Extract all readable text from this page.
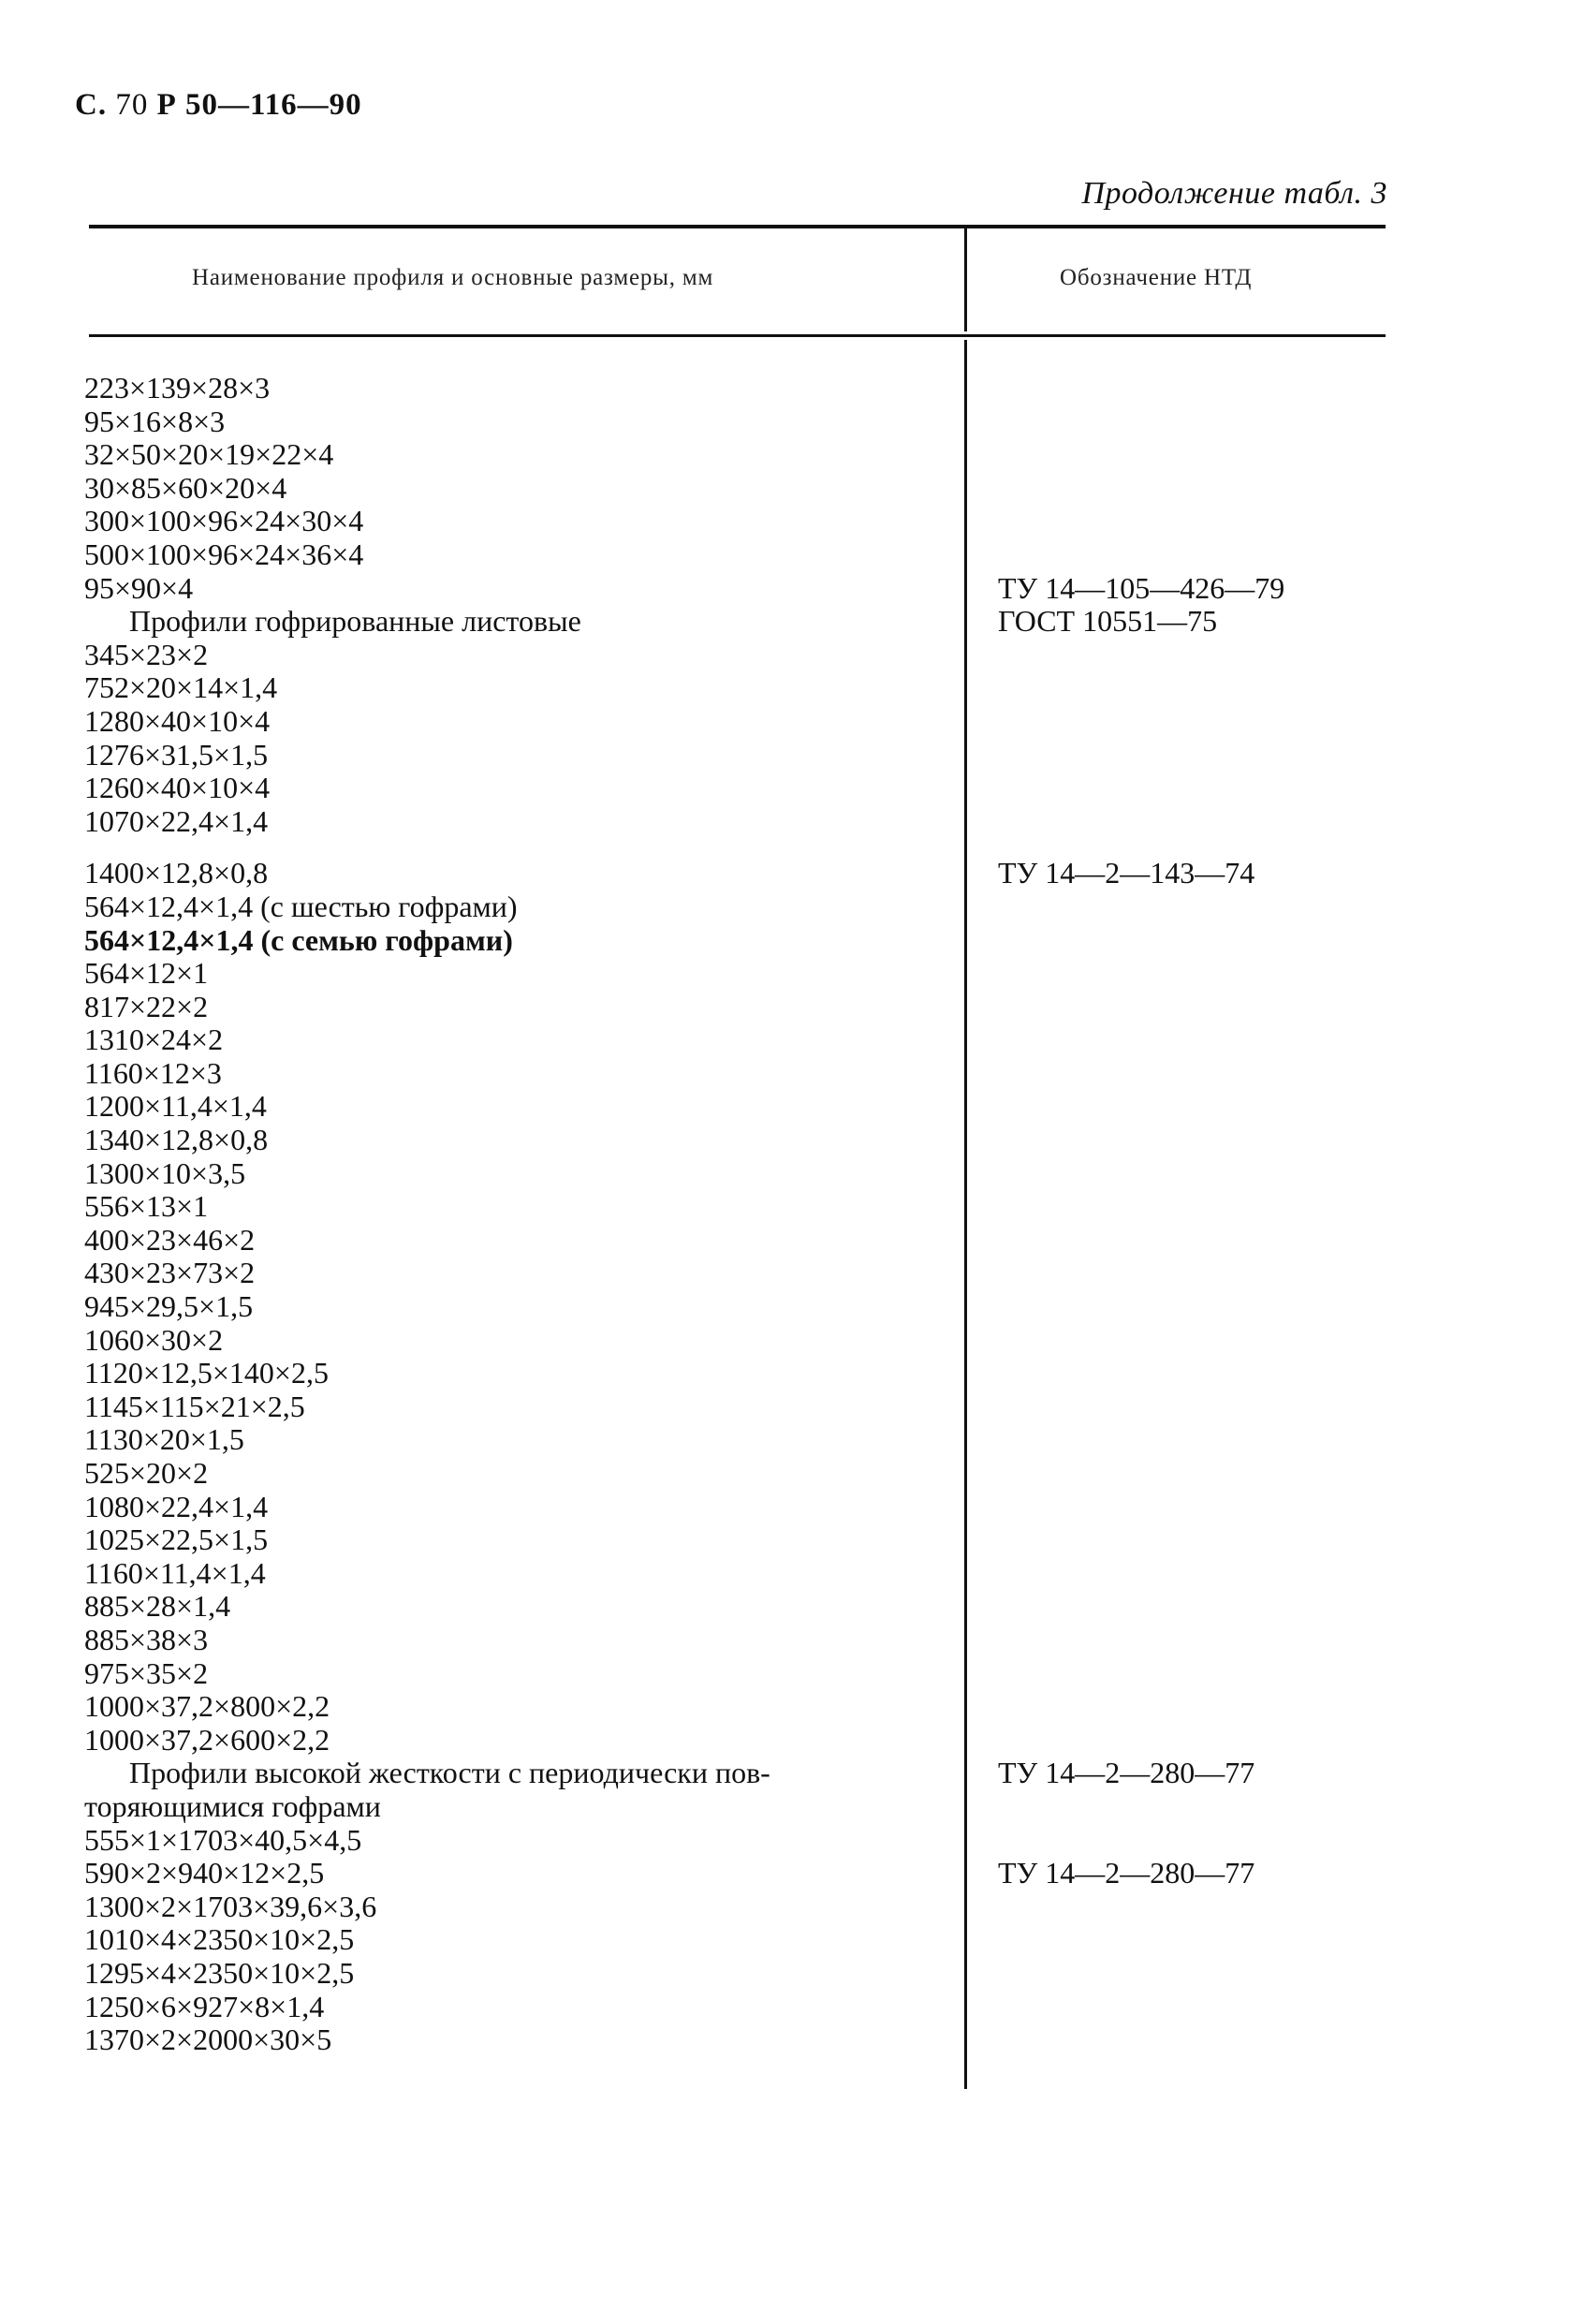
С. 70 Р 50—116—90
Продолжение табл. 3
Наименование профиля и основные размеры, мм	Обозначение НТД
223×139×28×3
95×16×8×3
32×50×20×19×22×4
30×85×60×20×4
300×100×96×24×30×4
500×100×96×24×36×4
95×90×4	ТУ 14—105—426—79
Профили гофрированные листовые	ГОСТ 10551—75
345×23×2
752×20×14×1,4
1280×40×10×4
1276×31,5×1,5
1260×40×10×4
1070×22,4×1,4
1400×12,8×0,8	ТУ 14—2—143—74
564×12,4×1,4 (с шестью гофрами)
564×12,4×1,4 (с семью гофрами)
564×12×1
817×22×2
1310×24×2
1160×12×3
1200×11,4×1,4
1340×12,8×0,8
1300×10×3,5
556×13×1
400×23×46×2
430×23×73×2
945×29,5×1,5
1060×30×2
1120×12,5×140×2,5
1145×115×21×2,5
1130×20×1,5
525×20×2
1080×22,4×1,4
1025×22,5×1,5
1160×11,4×1,4
885×28×1,4
885×38×3
975×35×2
1000×37,2×800×2,2
1000×37,2×600×2,2
Профили высокой жесткости с периодически пов-	ТУ 14—2—280—77
торяющимися гофрами
555×1×1703×40,5×4,5
590×2×940×12×2,5	ТУ 14—2—280—77
1300×2×1703×39,6×3,6
1010×4×2350×10×2,5
1295×4×2350×10×2,5
1250×6×927×8×1,4
1370×2×2000×30×5
